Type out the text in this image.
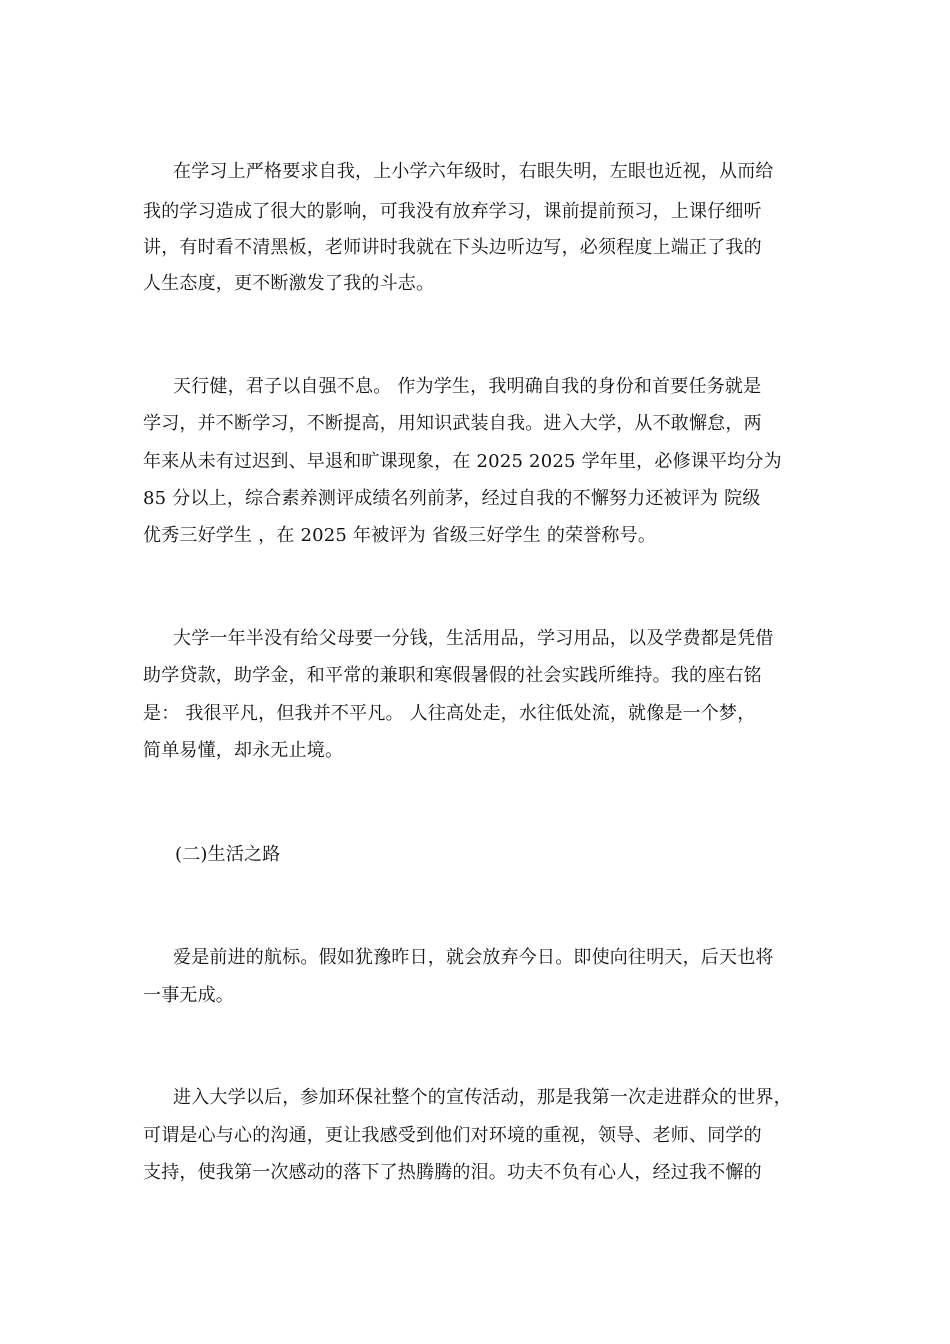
在学习上严格要求自我，上小学六年级时，右眼失明，左眼也近视，从而给
我的学习造成了很大的影响，可我没有放弃学习，课前提前预习，上课仔细听
讲，有时看不清黑板，老师讲时我就在下头边听边写，必须程度上端正了我的
人生态度，更不断激发了我的斗志。
天行健，君子以自强不息。 作为学生，我明确自我的身份和首要任务就是
学习，并不断学习，不断提高，用知识武装自我。进入大学，从不敢懈怠，两
年来从未有过迟到、早退和旷课现象，在 2025 2025 学年里，必修课平均分为
85 分以上，综合素养测评成绩名列前茅，经过自我的不懈努力还被评为 院级
优秀三好学生 ，在 2025 年被评为 省级三好学生 的荣誉称号。
大学一年半没有给父母要一分钱，生活用品，学习用品，以及学费都是凭借
助学贷款，助学金，和平常的兼职和寒假暑假的社会实践所维持。我的座右铭
是： 我很平凡，但我并不平凡。 人往高处走，水往低处流，就像是一个梦，
简单易懂，却永无止境。
(二)生活之路
爱是前进的航标。假如犹豫昨日，就会放弃今日。即使向往明天，后天也将
一事无成。
进入大学以后，参加环保社整个的宣传活动，那是我第一次走进群众的世界，
可谓是心与心的沟通，更让我感受到他们对环境的重视，领导、老师、同学的
支持，使我第一次感动的落下了热腾腾的泪。功夫不负有心人，经过我不懈的
